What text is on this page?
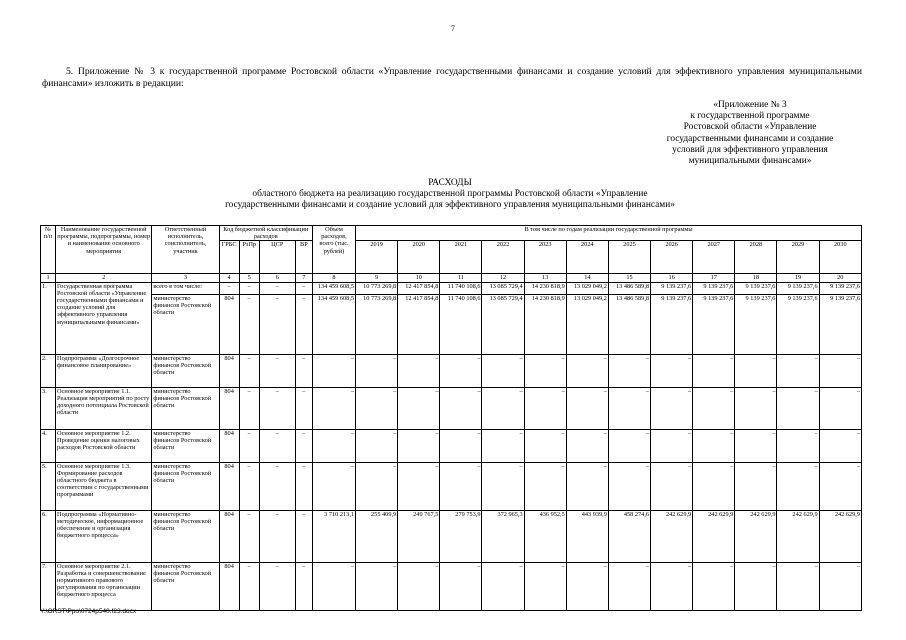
7
5. Приложение № 3 к государственной программе Ростовской области «Управление государственными финансами и создание условий для эффективного управления муниципальными финансами» изложить в редакции:
«Приложение № 3
к государственной программе
Ростовской области «Управление
государственными финансами и создание
условий для эффективного управления
муниципальными финансами»
РАСХОДЫ
областного бюджета на реализацию государственной программы Ростовской области «Управление
государственными финансами и создание условий для эффективного управления муниципальными финансами»
№ п/п	Наименование государственной программы, подпрограммы, номер и наименование основного мероприятия	Ответственный исполнитель, соисполнитель, участник	Код бюджетной классификации расходов				Объем расходов, всего (тыс. рублей)	В том числе по годам реализации государственной программы											
			ГРБС	РзПр	ЦСР	ВР		2019	2020	2021	2022	2023	2024	2025	2026	2027	2028	2029	2030
1	2	3	4	5	6	7	8	9	10	11	12	13	14	15	16	17	18	19	20
1.	Государственная программа Ростовской области «Управление государственными финансами и создание условий для эффективного управления муниципальными финансами»	всего в том числе:	–	–	–	–	134 459 608,5	10 773 269,8	12 417 854,8	11 740 108,6	13 085 729,4	14 230 818,9	13 029 049,2	13 486 589,8	9 139 237,6	9 139 237,6	9 139 237,6	9 139 237,6	9 139 237,6
		министерство финансов Ростовской области	804	–	–	–	134 459 608,5	10 773 269,8	12 417 854,8	11 740 108,6	13 085 729,4	14 230 818,9	13 029 049,2	13 486 589,8	9 139 237,6	9 139 237,6	9 139 237,6	9 139 237,6	9 139 237,6
2.	Подпрограмма «Долгосрочное финансовое планирование»	министерство финансов Ростовской области	804	–	–	–	–	–	–	–	–	–	–	–	–	–	–	–	–
3.	Основное мероприятие 1.1. Реализация мероприятий по росту доходного потенциала Ростовской области	министерство финансов Ростовской области	804	–	–	–	–	–	–	–	–	–	–	–	–	–	–	–	–
4.	Основное мероприятие 1.2. Проведение оценки налоговых расходов Ростовской области	министерство финансов Ростовской области	804	–	–	–	–	–	–	–	–	–	–	–	–	–	–	–	–
5.	Основное мероприятие 1.3. Формирование расходов областного бюджета в соответствии с государственными программами	министерство финансов Ростовской области	804	–	–	–	–	–	–	–	–	–	–	–	–	–	–	–	–
6.	Подпрограмма «Нормативно-методическое, информационное обеспечение и организация бюджетного процесса»	министерство финансов Ростовской области	804	–	–	–	3 710 213,1	255 409,9	249 767,5	279 753,9	372 965,3	436 952,5	443 939,9	458 274,6	242 629,9	242 629,9	242 629,9	242 629,9	242 629,9
7.	Основное мероприятие 2.1. Разработка и совершенствование нормативного правового регулирования по организации бюджетного процесса	министерство финансов Ростовской области	804	–	–	–	–	–	–	–	–	–	–	–	–	–	–	–	–
Y:\ORST\Ppo\0724p540.f23.docx
